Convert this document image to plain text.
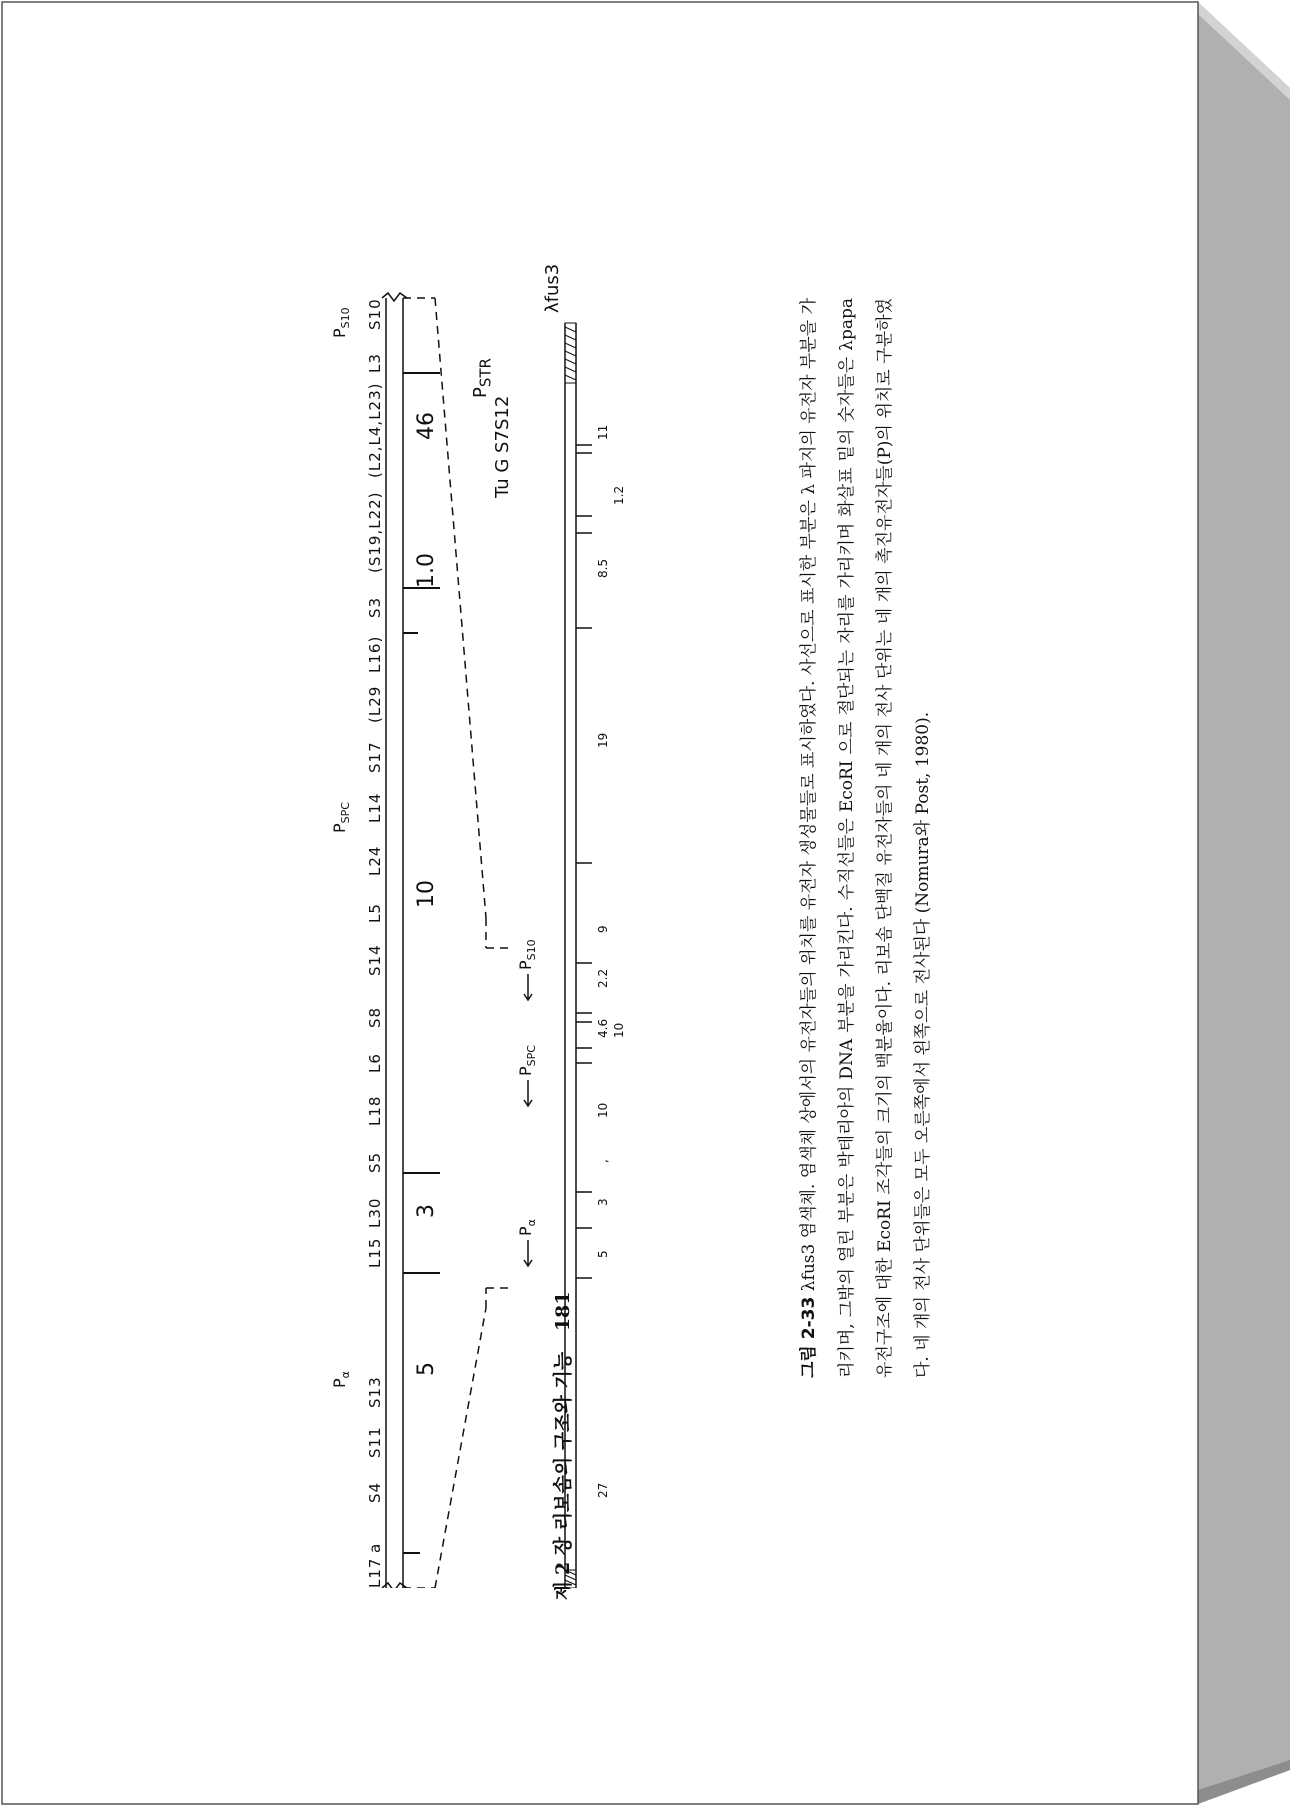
L17
a
S4
S11
S13
L15
L30
S5
L18
L6
S8
S14
L5
L24
L14
S17
(L29
L16)
S3
(S19,L22)
(L2,L4,L23)
L3
S10
$P_\alpha$
$P_{SPC}$
$P_{S10}$
$P_\alpha$
$P_{SPC}$
$P_{S10}$
5
3
10
1.0
46
27
5
3
,
10
4.6
2.2
9
19
8.5
11
10
1.2
Tu G S7S12
$P_{STR}$
λfus3
그림 2-33 λfus3 염색체. 염색체 상에서의 유전자들의 위치를 유전자 생성물들로 표시하였다. 사선으로 표시한 부분은 λ 파지의 유전자 부분을 가리키며, 그밖의 열린 부분은 박테리아의 DNA 부분을 가리킨다. 수직선들은 EcoRI 으로 절단되는 자리를 가리키며 화살표 밑의 숫자들은 λpapa 유전구조에 대한 EcoRI 조각들의 크기의 백분율이다. 리보솜 단백질 유전자들의 네 개의 전사 단위는 네 개의 촉진유전자들(P)의 위치로 구분하였다. 네 개의 전사 단위들은 모두 오른쪽에서 왼쪽으로 전사된다 (Nomura와 Post, 1980).
제 2 장 리보솜의 구조와 기능 181
